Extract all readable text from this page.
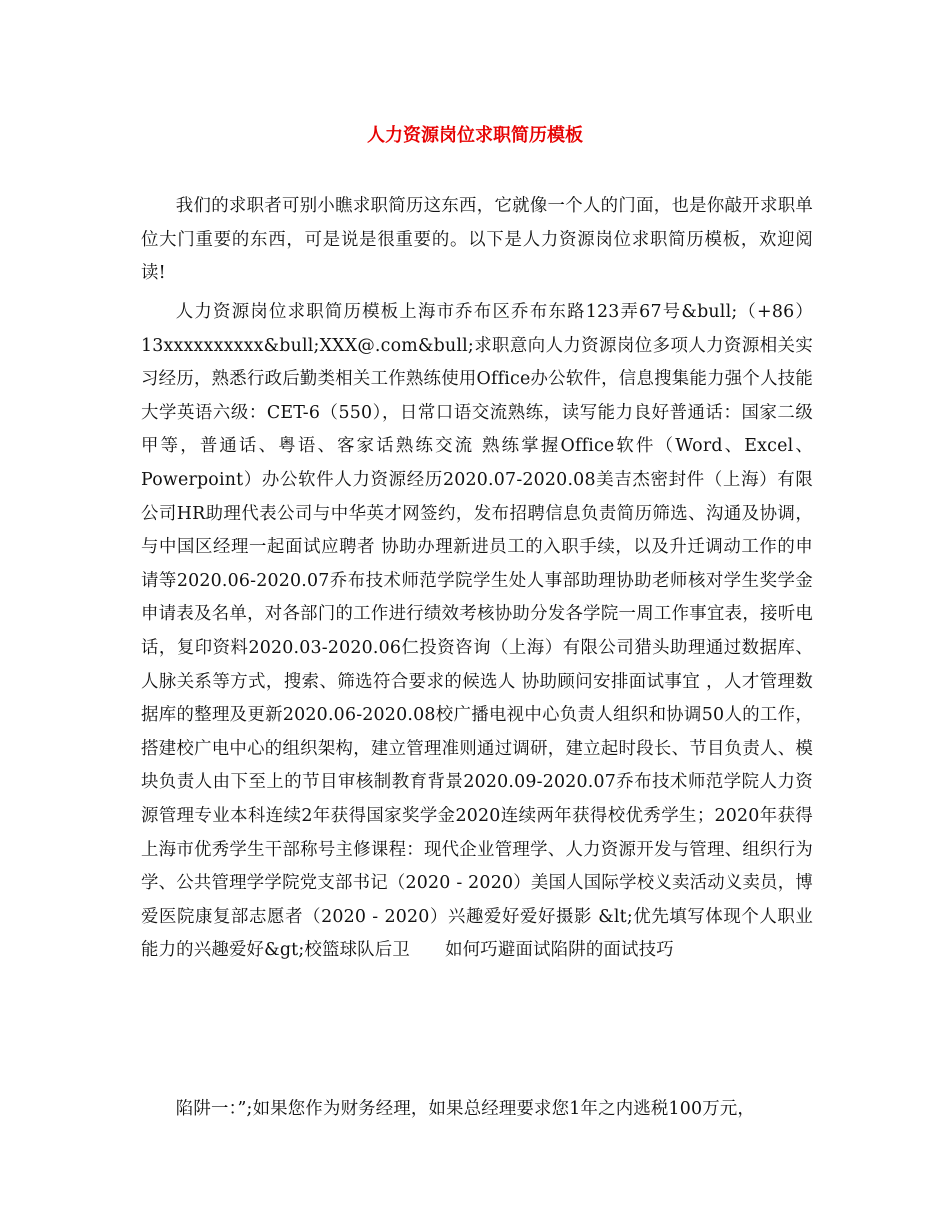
人力资源岗位求职简历模板

我们的求职者可别小瞧求职简历这东西，它就像一个人的门面，也是你敲开求职单位大门重要的东西，可是说是很重要的。以下是人力资源岗位求职简历模板，欢迎阅读!

人力资源岗位求职简历模板上海市乔布区乔布东路123弄67号&bull;（+86）13xxxxxxxxxx&bull;XXX@.com&bull;求职意向人力资源岗位多项人力资源相关实习经历，熟悉行政后勤类相关工作熟练使用Office办公软件，信息搜集能力强个人技能大学英语六级：CET-6（550），日常口语交流熟练，读写能力良好普通话：国家二级甲等，普通话、粤语、客家话熟练交流 熟练掌握Office软件（Word、Excel、Powerpoint）办公软件人力资源经历2020.07-2020.08美吉杰密封件（上海）有限公司HR助理代表公司与中华英才网签约，发布招聘信息负责简历筛选、沟通及协调，与中国区经理一起面试应聘者 协助办理新进员工的入职手续，以及升迁调动工作的申请等2020.06-2020.07乔布技术师范学院学生处人事部助理协助老师核对学生奖学金申请表及名单，对各部门的工作进行绩效考核协助分发各学院一周工作事宜表，接听电话，复印资料2020.03-2020.06仁投资咨询（上海）有限公司猎头助理通过数据库、人脉关系等方式，搜索、筛选符合要求的候选人 协助顾问安排面试事宜 ，人才管理数据库的整理及更新2020.06-2020.08校广播电视中心负责人组织和协调50人的工作，搭建校广电中心的组织架构，建立管理准则通过调研，建立起时段长、节目负责人、模块负责人由下至上的节目审核制教育背景2020.09-2020.07乔布技术师范学院人力资源管理专业本科连续2年获得国家奖学金2020连续两年获得校优秀学生；2020年获得上海市优秀学生干部称号主修课程：现代企业管理学、人力资源开发与管理、组织行为学、公共管理学学院党支部书记（2020 - 2020）美国人国际学校义卖活动义卖员，博爱医院康复部志愿者（2020 - 2020）兴趣爱好爱好摄影 &lt;优先填写体现个人职业能力的兴趣爱好&gt;校篮球队后卫　　如何巧避面试陷阱的面试技巧

陷阱一：”;如果您作为财务经理，如果总经理要求您1年之内逃税100万元，
